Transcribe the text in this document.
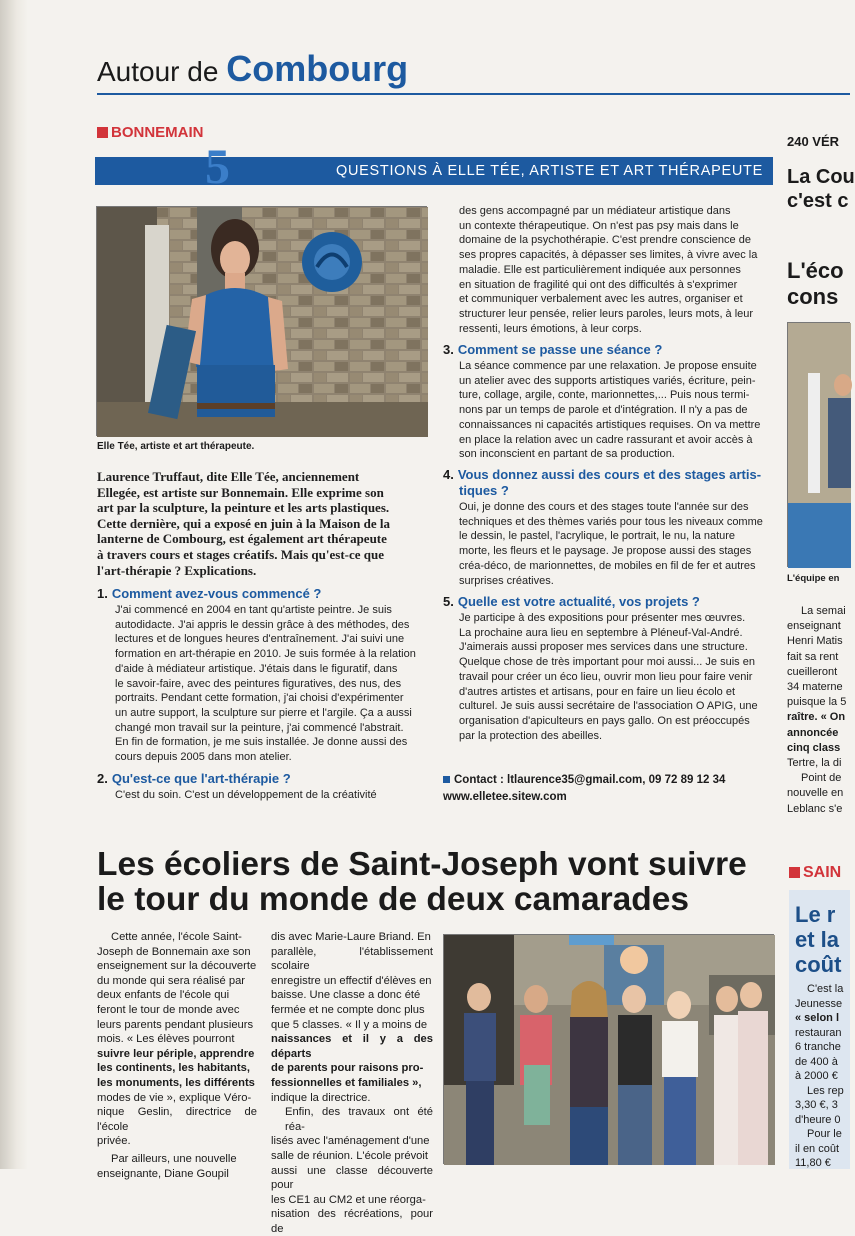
Autour de Combourg
BONNEMAIN
QUESTIONS À ELLE TÉE, ARTISTE ET ART THÉRAPEUTE
5
Elle Tée, artiste et art thérapeute.
Laurence Truffaut, dite Elle Tée, anciennement
Ellegée, est artiste sur Bonnemain. Elle exprime son
art par la sculpture, la peinture et les arts plastiques.
Cette dernière, qui a exposé en juin à la Maison de la
lanterne de Combourg, est également art thérapeute
à travers cours et stages créatifs. Mais qu'est-ce que
l'art-thérapie ? Explications.
1. Comment avez-vous commencé ?
J'ai commencé en 2004 en tant qu'artiste peintre. Je suis
autodidacte. J'ai appris le dessin grâce à des méthodes, des
lectures et de longues heures d'entraînement. J'ai suivi une
formation en art-thérapie en 2010. Je suis formée à la relation
d'aide à médiateur artistique. J'étais dans le figuratif, dans
le savoir-faire, avec des peintures figuratives, des nus, des
portraits. Pendant cette formation, j'ai choisi d'expérimenter
un autre support, la sculpture sur pierre et l'argile. Ça a aussi
changé mon travail sur la peinture, j'ai commencé l'abstrait.
En fin de formation, je me suis installée. Je donne aussi des
cours depuis 2005 dans mon atelier.
2. Qu'est-ce que l'art-thérapie ?
C'est du soin. C'est un développement de la créativité
des gens accompagné par un médiateur artistique dans
un contexte thérapeutique. On n'est pas psy mais dans le
domaine de la psychothérapie. C'est prendre conscience de
ses propres capacités, à dépasser ses limites, à vivre avec la
maladie. Elle est particulièrement indiquée aux personnes
en situation de fragilité qui ont des difficultés à s'exprimer
et communiquer verbalement avec les autres, organiser et
structurer leur pensée, relier leurs paroles, leurs mots, à leur
ressenti, leurs émotions, à leur corps.
3. Comment se passe une séance ?
La séance commence par une relaxation. Je propose ensuite
un atelier avec des supports artistiques variés, écriture, pein-
ture, collage, argile, conte, marionnettes,... Puis nous termi-
nons par un temps de parole et d'intégration. Il n'y a pas de
connaissances ni capacités artistiques requises. On va mettre
en place la relation avec un cadre rassurant et avoir accès à
son inconscient en partant de sa production.
4. Vous donnez aussi des cours et des stages artis-
tiques ?
Oui, je donne des cours et des stages toute l'année sur des
techniques et des thèmes variés pour tous les niveaux comme
le dessin, le pastel, l'acrylique, le portrait, le nu, la nature
morte, les fleurs et le paysage. Je propose aussi des stages
créa-déco, de marionnettes, de mobiles en fil de fer et autres
surprises créatives.
5. Quelle est votre actualité, vos projets ?
Je participe à des expositions pour présenter mes œuvres.
La prochaine aura lieu en septembre à Pléneuf-Val-André.
J'aimerais aussi proposer mes services dans une structure.
Quelque chose de très important pour moi aussi... Je suis en
travail pour créer un éco lieu, ouvrir mon lieu pour faire venir
d'autres artistes et artisans, pour en faire un lieu écolo et
culturel. Je suis aussi secrétaire de l'association O APIG, une
organisation d'apiculteurs en pays gallo. On est préoccupés
par la protection des abeilles.
Contact : ltlaurence35@gmail.com, 09 72 89 12 34
www.elletee.sitew.com
Les écoliers de Saint-Joseph vont suivre
le tour du monde de deux camarades
Cette année, l'école Saint-
Joseph de Bonnemain axe son
enseignement sur la découverte
du monde qui sera réalisé par
deux enfants de l'école qui
feront le tour de monde avec
leurs parents pendant plusieurs
mois. « Les élèves pourront
suivre leur périple, apprendre
les continents, les habitants,
les monuments, les différents
modes de vie », explique Véro-
nique Geslin, directrice de l'école
privée.
Par ailleurs, une nouvelle
enseignante, Diane Goupil
dis avec Marie-Laure Briand. En
parallèle, l'établissement scolaire
enregistre un effectif d'élèves en
baisse. Une classe a donc été
fermée et ne compte donc plus
que 5 classes. « Il y a moins de
naissances et il y a des départs
de parents pour raisons pro-
fessionnelles et familiales »,
indique la directrice.
Enfin, des travaux ont été réa-
lisés avec l'aménagement d'une
salle de réunion. L'école prévoit
aussi une classe découverte pour
les CE1 au CM2 et une réorga-
nisation des récréations, pour de
240 VÉR
La Cou
c'est c
L'éco
cons
L'équipe en
La semai
enseignant
Henri Matis
fait sa rent
cueilleront
34 materne
puisque la 5
raître. « On
annoncée
cinq class
Tertre, la di
Point de
nouvelle en
Leblanc s'e
SAIN
Le r
et la
coût
C'est la
Jeunesse
« selon l
restauran
6 tranche
de 400 à
à 2000 €
Les rep
3,30 €, 3
d'heure 0
Pour le
il en coût
11,80 €
